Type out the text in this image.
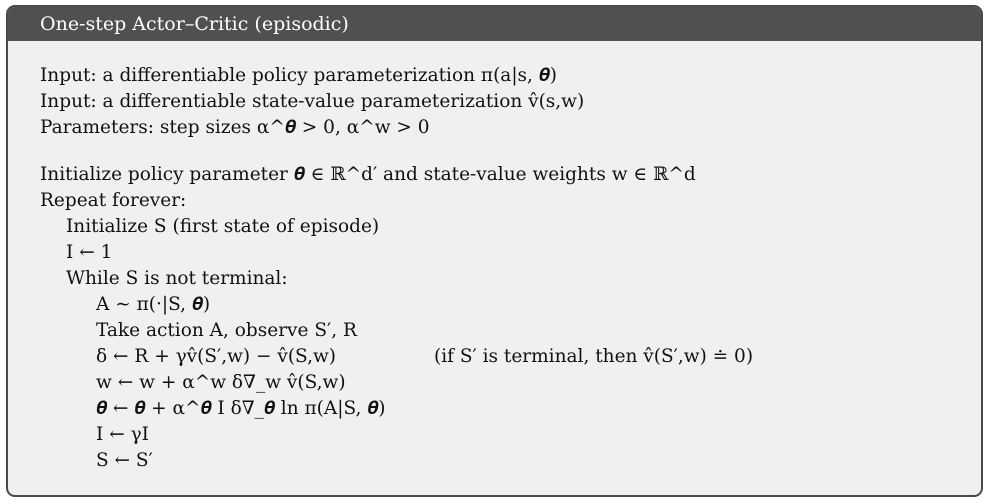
One-step Actor–Critic (episodic)
Input: a differentiable policy parameterization π(a|s, 𝜽)
Input: a differentiable state-value parameterization v̂(s,w)
Parameters: step sizes α^𝜽 > 0, α^w > 0
Initialize policy parameter 𝜽 ∈ ℝ^d′ and state-value weights w ∈ ℝ^d
Repeat forever:
Initialize S (first state of episode)
I ← 1
While S is not terminal:
A ∼ π(·|S, 𝜽)
Take action A, observe S′, R
δ ← R + γv̂(S′,w) − v̂(S,w)	(if S′ is terminal, then v̂(S′,w) ≐ 0)
w ← w + α^w δ∇_w v̂(S,w)
𝜽 ← 𝜽 + α^𝜽 I δ∇_𝜽 ln π(A|S, 𝜽)
I ← γI
S ← S′
